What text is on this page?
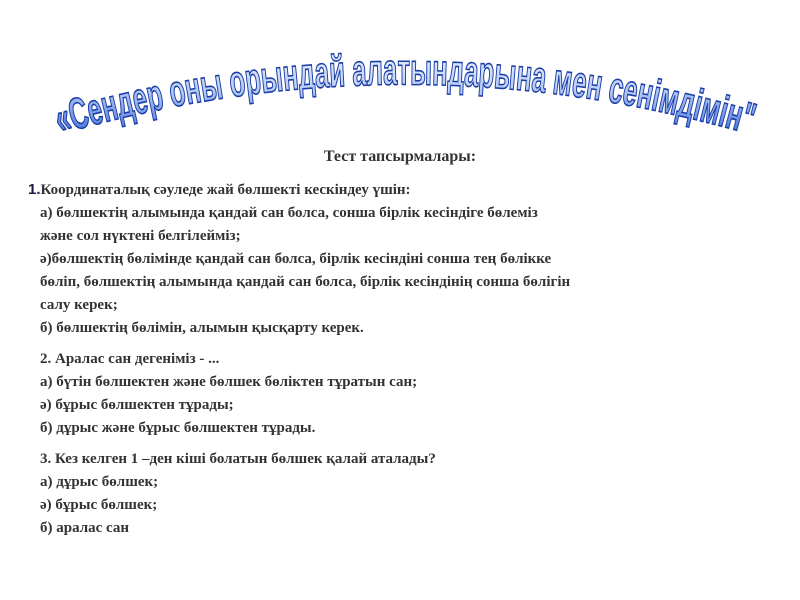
«Сендер оны орындай алатындарына мен сенімдімін"
Тест тапсырмалары:
1.Координаталық сәуледе жай бөлшекті кескіндеу үшін:
а) бөлшектің алымында қандай сан болса, сонша бірлік кесіндіге бөлеміз
және сол нүктені белгілейміз;
ә)бөлшектің бөлімінде қандай сан болса, бірлік кесіндіні сонша тең бөлікке
бөліп, бөлшектің алымында қандай сан болса, бірлік кесіндінің сонша бөлігін
салу керек;
б) бөлшектің бөлімін, алымын қысқарту керек.
2. Аралас сан дегеніміз - ...
а) бүтін бөлшектен және бөлшек бөліктен тұратын сан;
ә) бұрыс бөлшектен тұрады;
б) дұрыс және бұрыс бөлшектен тұрады.
3. Кез келген 1 –ден кіші болатын бөлшек қалай аталады?
а) дұрыс бөлшек;
ә) бұрыс бөлшек;
б) аралас сан
